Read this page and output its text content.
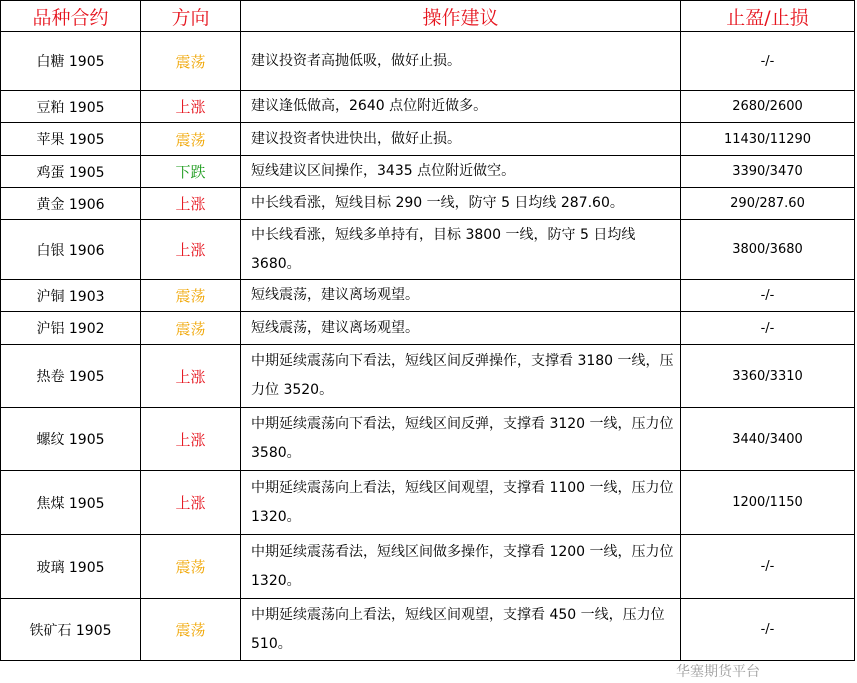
品种合约	方向	操作建议	止盈/止损
白糖 1905	震荡	建议投资者高抛低吸，做好止损。	-/-
豆粕 1905	上涨	建议逢低做高，2640 点位附近做多。	2680/2600
苹果 1905	震荡	建议投资者快进快出，做好止损。	11430/11290
鸡蛋 1905	下跌	短线建议区间操作，3435 点位附近做空。	3390/3470
黄金 1906	上涨	中长线看涨，短线目标 290 一线，防守 5 日均线 287.60。	290/287.60
白银 1906	上涨	中长线看涨，短线多单持有，目标 3800 一线，防守 5 日均线 3680。	3800/3680
沪铜 1903	震荡	短线震荡，建议离场观望。	-/-
沪铝 1902	震荡	短线震荡，建议离场观望。	-/-
热卷 1905	上涨	中期延续震荡向下看法，短线区间反弹操作，支撑看 3180 一线，压力位 3520。	3360/3310
螺纹 1905	上涨	中期延续震荡向下看法，短线区间反弹，支撑看 3120 一线，压力位 3580。	3440/3400
焦煤 1905	上涨	中期延续震荡向上看法，短线区间观望，支撑看 1100 一线，压力位 1320。	1200/1150
玻璃 1905	震荡	中期延续震荡看法，短线区间做多操作，支撑看 1200 一线，压力位 1320。	-/-
铁矿石 1905	震荡	中期延续震荡向上看法，短线区间观望，支撑看 450 一线，压力位 510。	-/-
华塞期货平台
